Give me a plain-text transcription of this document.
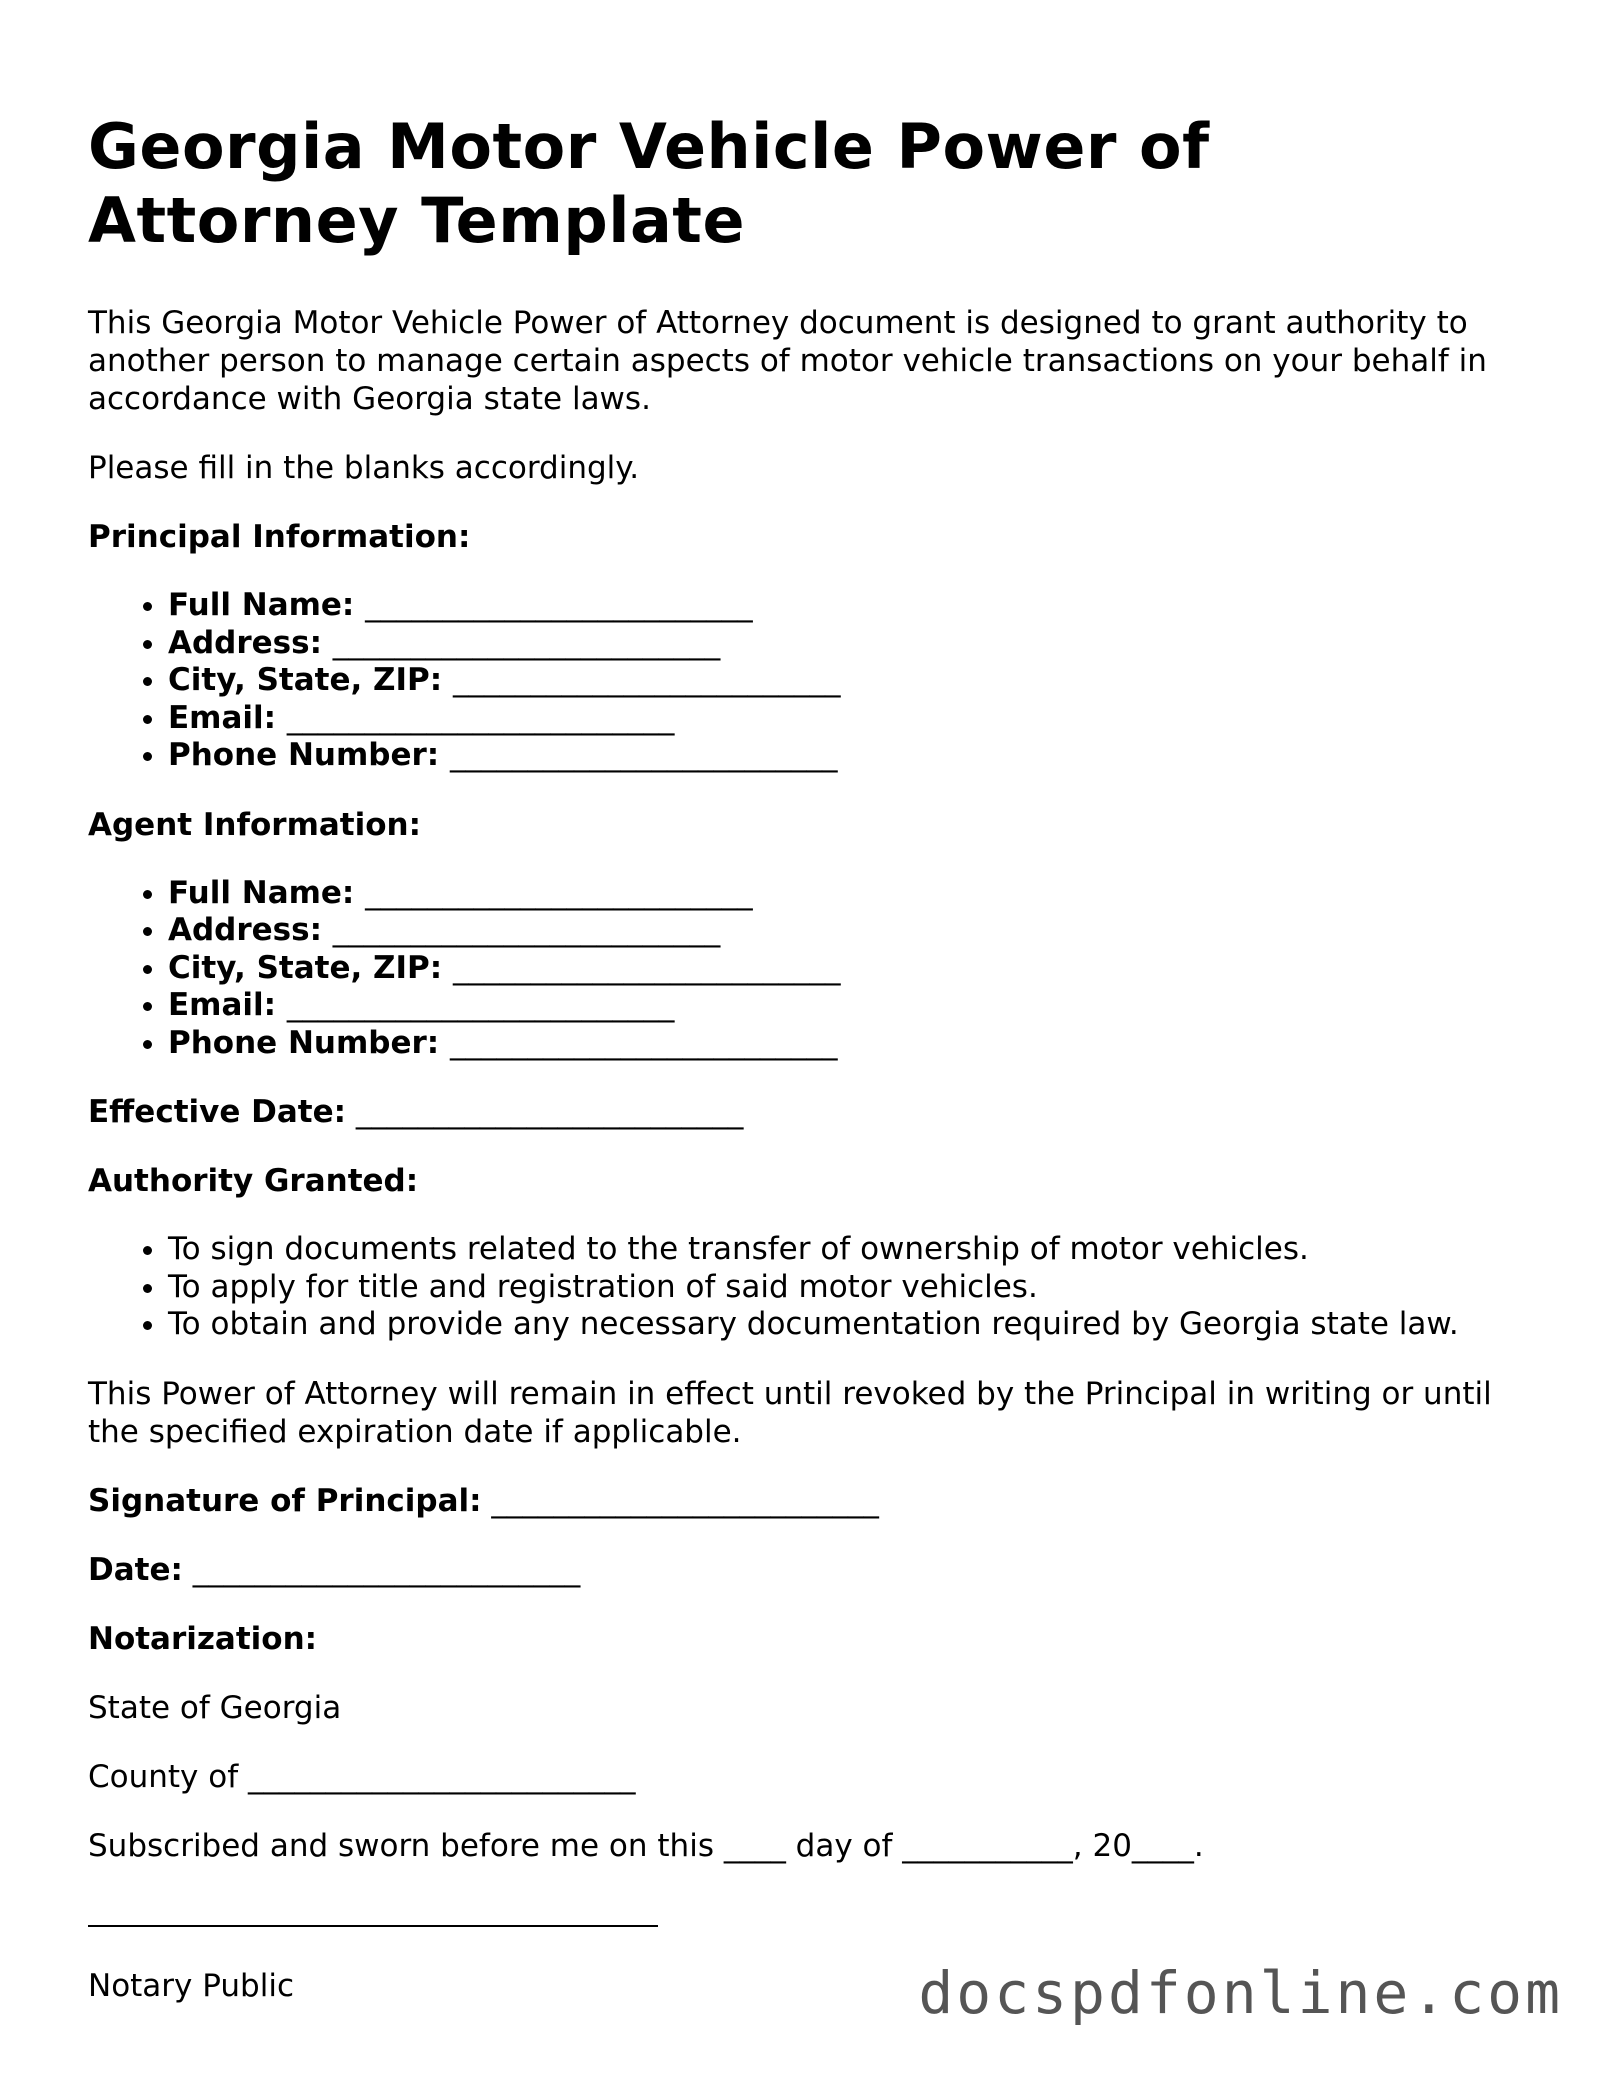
Georgia Motor Vehicle Power of Attorney Template

This Georgia Motor Vehicle Power of Attorney document is designed to grant authority to another person to manage certain aspects of motor vehicle transactions on your behalf in accordance with Georgia state laws.

Please fill in the blanks accordingly.

Principal Information:

• Full Name: _________________________
• Address: _________________________
• City, State, ZIP: _________________________
• Email: _________________________
• Phone Number: _________________________

Agent Information:

• Full Name: _________________________
• Address: _________________________
• City, State, ZIP: _________________________
• Email: _________________________
• Phone Number: _________________________

Effective Date: _________________________

Authority Granted:

• To sign documents related to the transfer of ownership of motor vehicles.
• To apply for title and registration of said motor vehicles.
• To obtain and provide any necessary documentation required by Georgia state law.

This Power of Attorney will remain in effect until revoked by the Principal in writing or until the specified expiration date if applicable.

Signature of Principal: _________________________

Date: _________________________

Notarization:

State of Georgia

County of _________________________

Subscribed and sworn before me on this ____ day of ___________, 20____.

Notary Public	docspdfonline.com
